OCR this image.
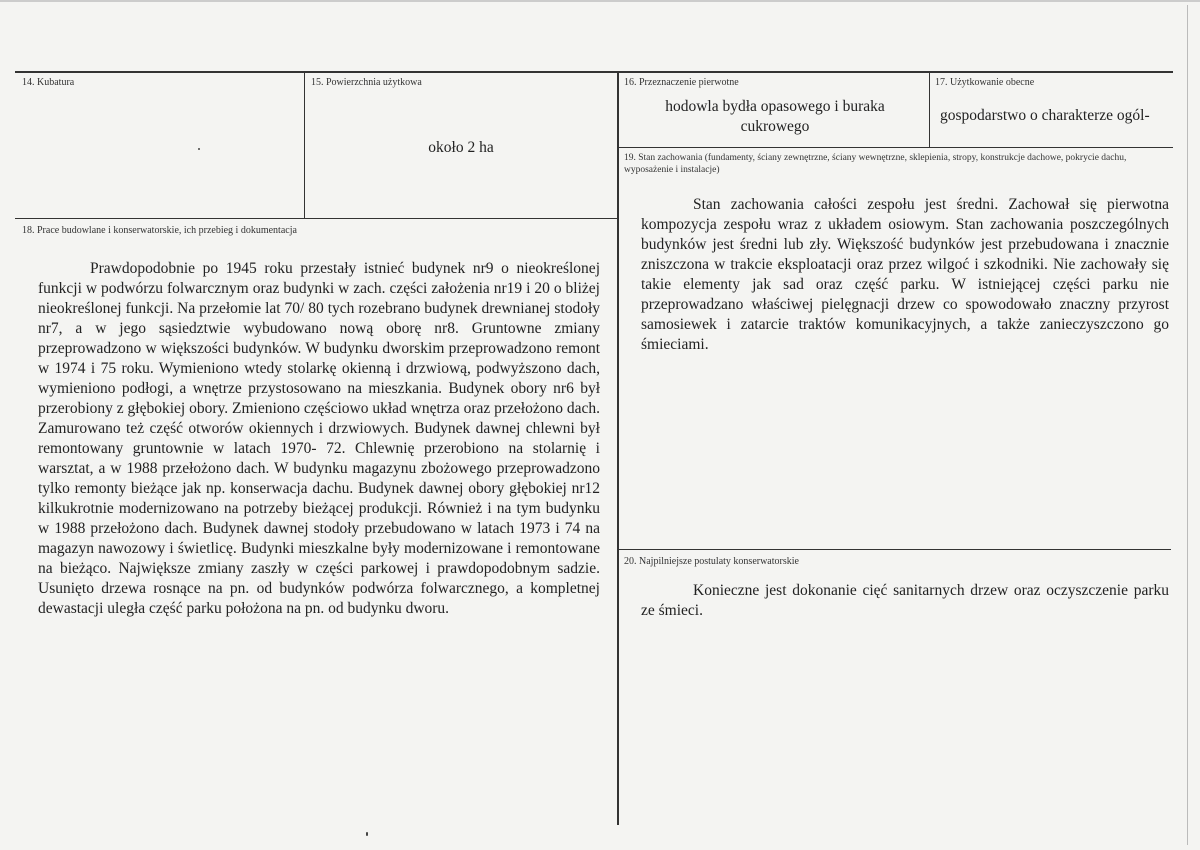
14. Kubatura	15. Powierzchnia użytkowa
około 2 ha
16. Przeznaczenie pierwotne
hodowla bydła opasowego i buraka cukrowego
17. Użytkowanie obecne
gospodarstwo o charakterze ogól-
19. Stan zachowania (fundamenty, ściany zewnętrzne, ściany wewnętrzne, sklepienia, stropy, konstrukcje dachowe, pokrycie dachu, wyposażenie i instalacje)
Stan zachowania całości zespołu jest średni. Zachował się pierwotna kompozycja zespołu wraz z układem osiowym. Stan zachowania poszczególnych budynków jest średni lub zły. Większość budynków jest przebudowana i znacznie zniszczona w trakcie eksploatacji oraz przez wilgoć i szkodniki. Nie zachowały się takie elementy jak sad oraz część parku. W istniejącej części parku nie przeprowadzano właściwej pielęgnacji drzew co spowodowało znaczny przyrost samosiewek i zatarcie traktów komunikacyjnych, a także zanieczyszczono go śmieciami.
18. Prace budowlane i konserwatorskie, ich przebieg i dokumentacja
Prawdopodobnie po 1945 roku przestały istnieć budynek nr9 o nieokreślonej funkcji w podwórzu folwarcznym oraz budynki w zach. części założenia nr19 i 20 o bliżej nieokreślonej funkcji. Na przełomie lat 70/ 80 tych rozebrano budynek drewnianej stodoły nr7, a w jego sąsiedztwie wybudowano nową oborę nr8. Gruntowne zmiany przeprowadzono w większości budynków. W budynku dworskim przeprowadzono remont w 1974 i 75 roku. Wymieniono wtedy stolarkę okienną i drzwiową, podwyższono dach, wymieniono podłogi, a wnętrze przystosowano na mieszkania. Budynek obory nr6 był przerobiony z głębokiej obory. Zmieniono częściowo układ wnętrza oraz przełożono dach. Zamurowano też część otworów okiennych i drzwiowych. Budynek dawnej chlewni był remontowany gruntownie w latach 1970- 72. Chlewnię przerobiono na stolarnię i warsztat, a w 1988 przełożono dach. W budynku magazynu zbożowego przeprowadzono tylko remonty bieżące jak np. konserwacja dachu. Budynek dawnej obory głębokiej nr12 kilkukrotnie modernizowano na potrzeby bieżącej produkcji. Również i na tym budynku w 1988 przełożono dach. Budynek dawnej stodoły przebudowano w latach 1973 i 74 na magazyn nawozowy i świetlicę. Budynki mieszkalne były modernizowane i remontowane na bieżąco. Największe zmiany zaszły w części parkowej i prawdopodobnym sadzie. Usunięto drzewa rosnące na pn. od budynków podwórza folwarcznego, a kompletnej dewastacji uległa część parku położona na pn. od budynku dworu.
20. Najpilniejsze postulaty konserwatorskie
Konieczne jest dokonanie cięć sanitarnych drzew oraz oczyszczenie parku ze śmieci.
